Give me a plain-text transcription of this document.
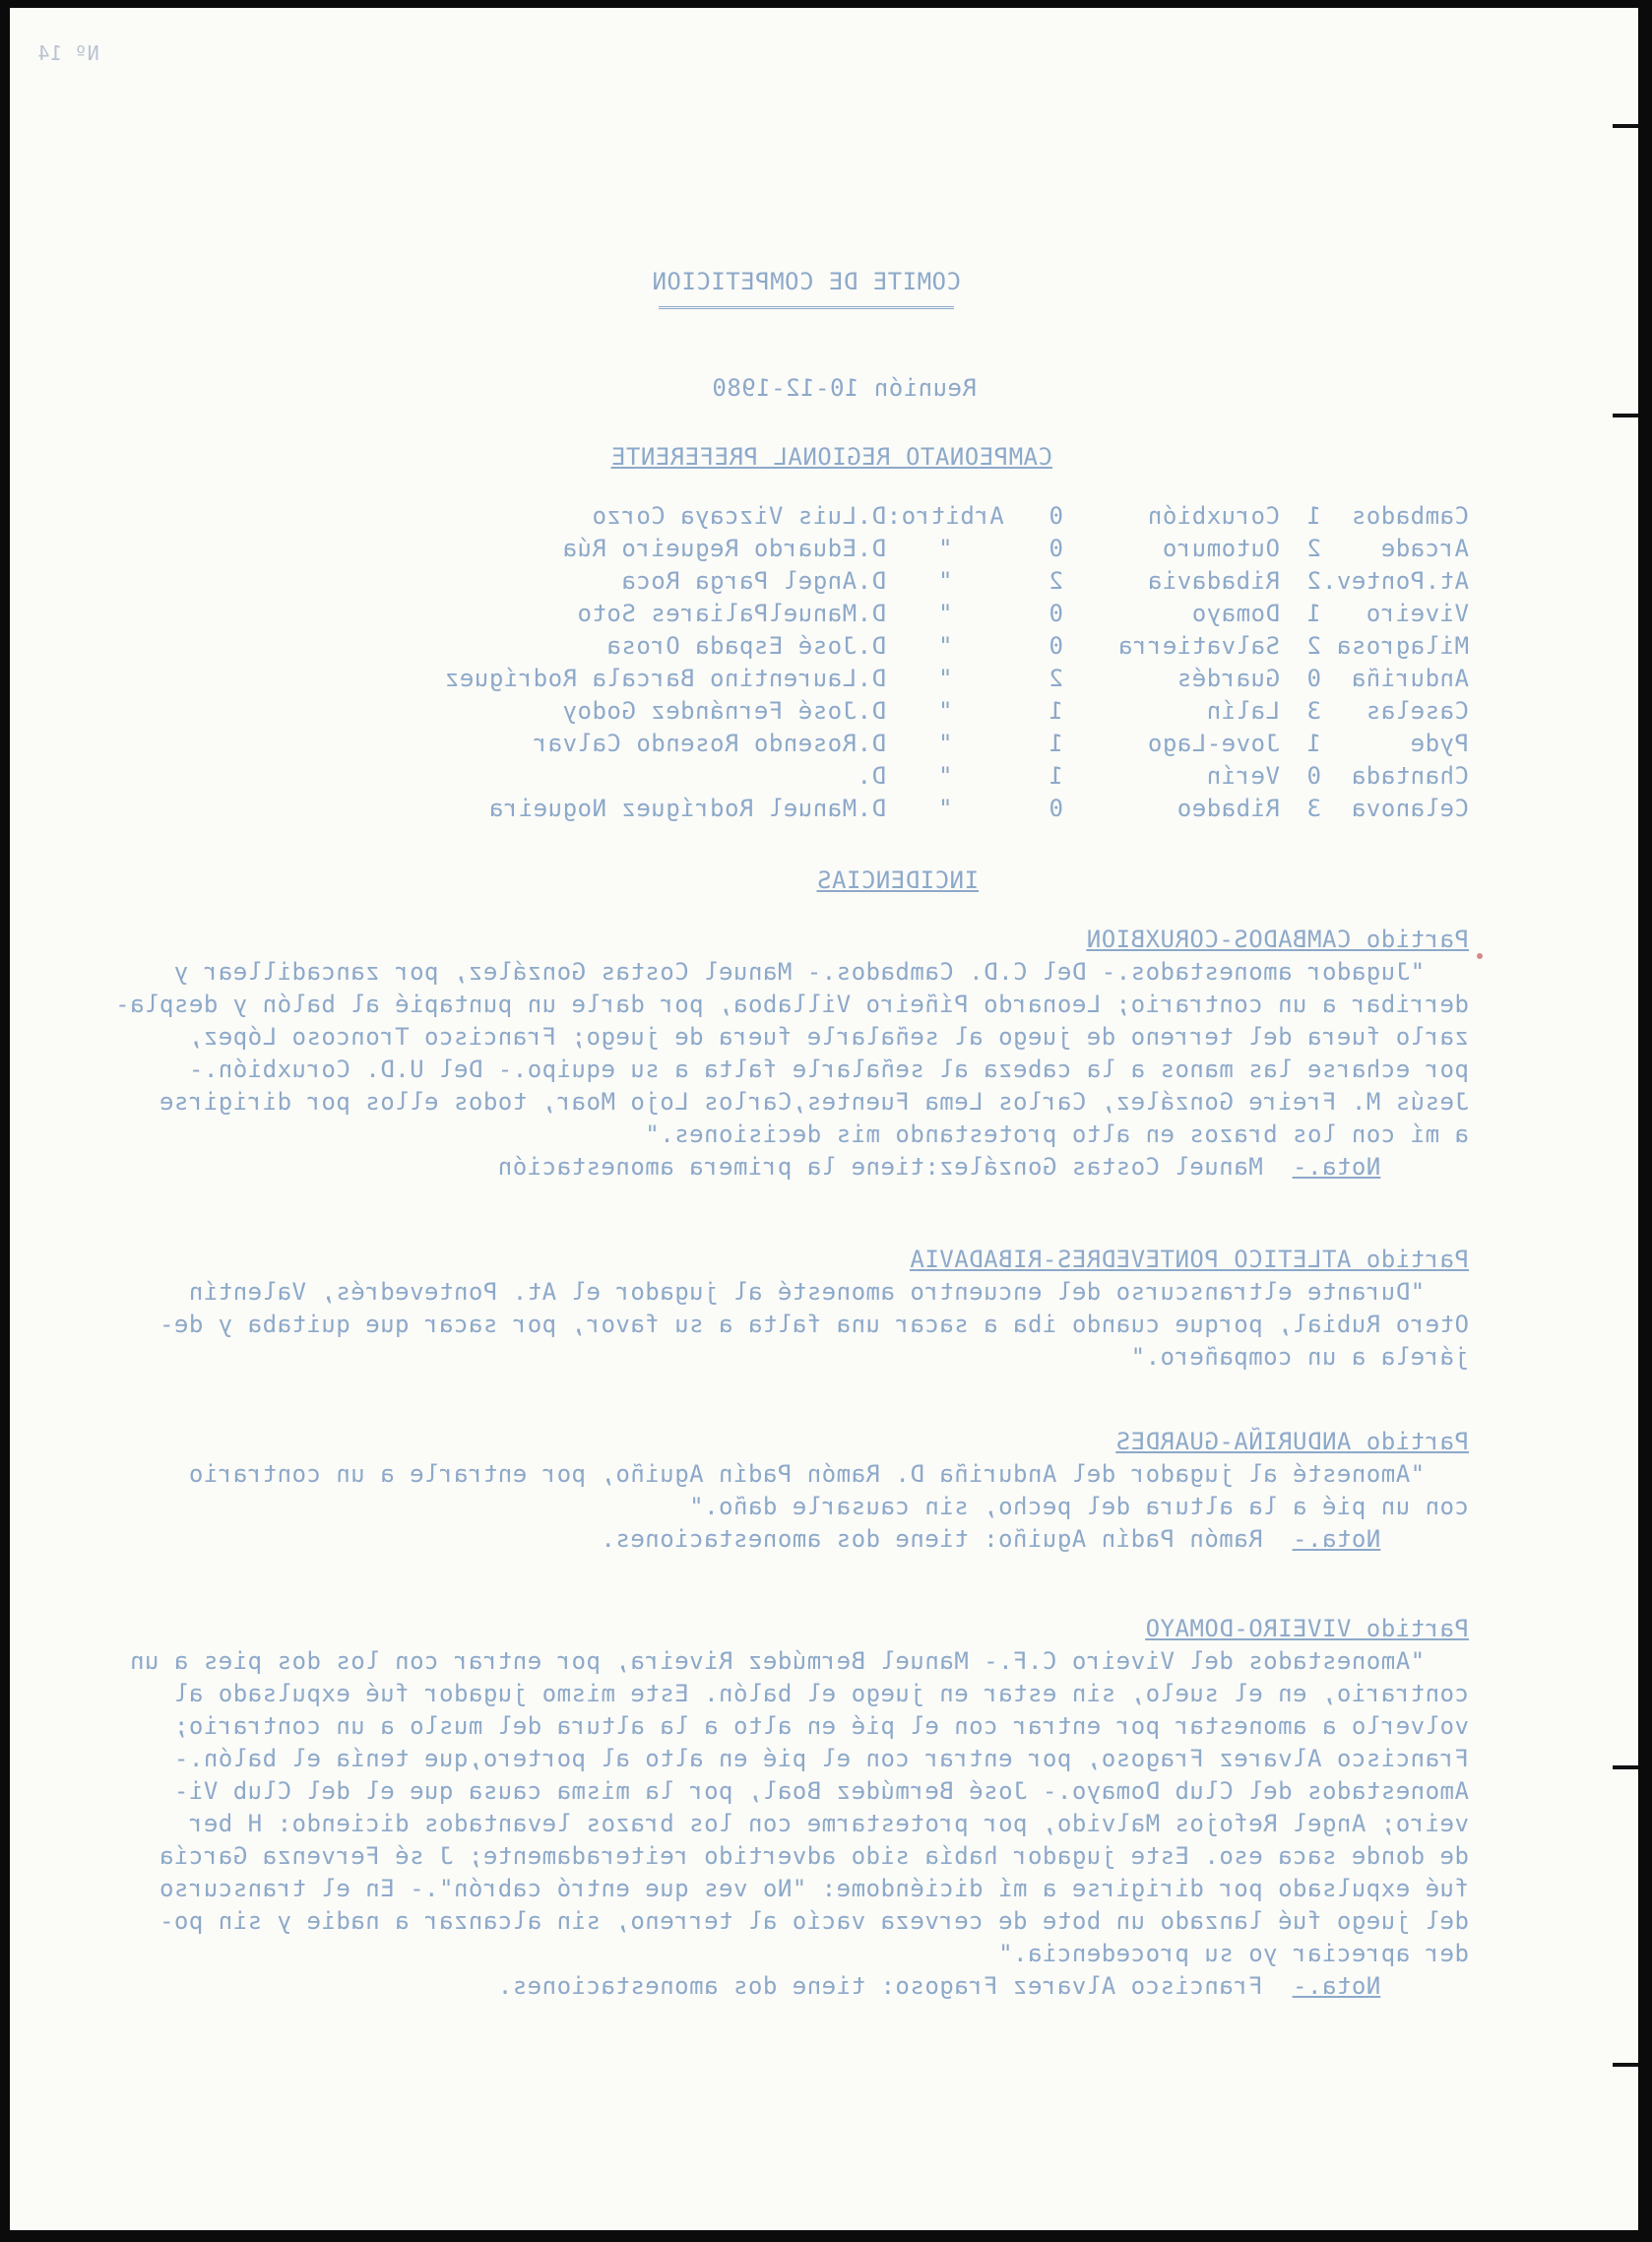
Nº 14
COMITE DE COMPETICION
Reunión 10-12-1980
CAMPEONATO REGIONAL PREFERENTE
Cambados	1	Coruxbión	0	Arbitro:	D.Luis Vizcaya Corzo
Arcade	2	Outomuro	0	"	D.Eduardo Regueiro Rúa
At.Pontev.	2	Ribadavia	2	"	D.Angel Parga Roca
Viveiro	1	Domayo	0	"	D.ManuelPaliares Soto
Milagrosa	2	Salvatierra	0	"	D.José Espada Orosa
Anduriña	0	Guardés	2	"	D.Laurentino Barcala Rodríguez
Caselas	3	Lalín	1	"	D.José Fernández Godoy
Pyde	1	Jove-Lago	1	"	D.Rosendo Rosendo Calvar
Chantada	0	Verín	1	"	D.
Celanova	3	Ribadeo	0	"	D.Manuel Rodríguez Nogueira
INCIDENCIAS
Partido CAMBADOS-CORUXBION

"Jugador amonestados.- Del C.D. Cambados.- Manuel Costas González, por zancadillear y

derribar a un contrario; Leonardo Píñeiro Villaboa, por darle un puntapié al balón y despla-

zarlo fuera del terreno de juego al señalarle fuera de juego; Francisco Troncoso López,

por echarse las manos a la cabeza al señalarle falta a su equipo.- Del U.D. Coruxbión.-

Jesús M. Freire González, Carlos Lema Fuentes,Carlos Lojo Moar, todos ellos por dirigirse

a mí con los brazos en alto protestando mis decisiones."

Nota.-  Manuel Costas González:tiene la primera amonestación

Partido ATLETICO PONTEVEDRES-RIBADAVIA

"Durante eltranscurso del encuentro amonesté al jugador el At. Pontevedrés, Valentín

Otero Rubial, porque cuando iba a sacar una falta a su favor, por sacar que quitaba y de-

járela a un compañero."

Partido ANDURIÑA-GUARDES

"Amonesté al jugador del Anduriña D. Ramón Padín Aguiño, por entrarle a un contrario

con un pié a la altura del pecho, sin causarle daño."

Nota.-  Ramón Padín Aguiño: tiene dos amonestaciones.

Partido VIVEIRO-DOMAYO

"Amonestados del Viveiro C.F.- Manuel Bermúdez Riveira, por entrar con los dos pies a un

contrario, en el suelo, sin estar en juego el balón. Este mismo jugador fué expulsado al

volverlo a amonestar por entrar con el pié en alto a la altura del muslo a un contrario;

Francisco Alvarez Fragoso, por entrar con el pié en alto al portero,que tenía el balón.-

Amonestados del Club Domayo.- José Bermúdez Boal, por la misma causa que el del Club Vi-

veiro; Angel Refojos Malvido, por protestarme con los brazos levantados diciendo: H ber

de donde saca eso. Este jugador había sido advertido reiteradamente; J sé Fervenza García

fué expulsado por dirigirse a mí diciéndome: "No ves que entró cabrón".- En el transcurso

del juego fué lanzado un bote de cerveza vacío al terreno, sin alcanzar a nadie y sin po-

der apreciar yo su procedencia."

Nota.-  Francisco Alvarez Fragoso: tiene dos amonestaciones.
